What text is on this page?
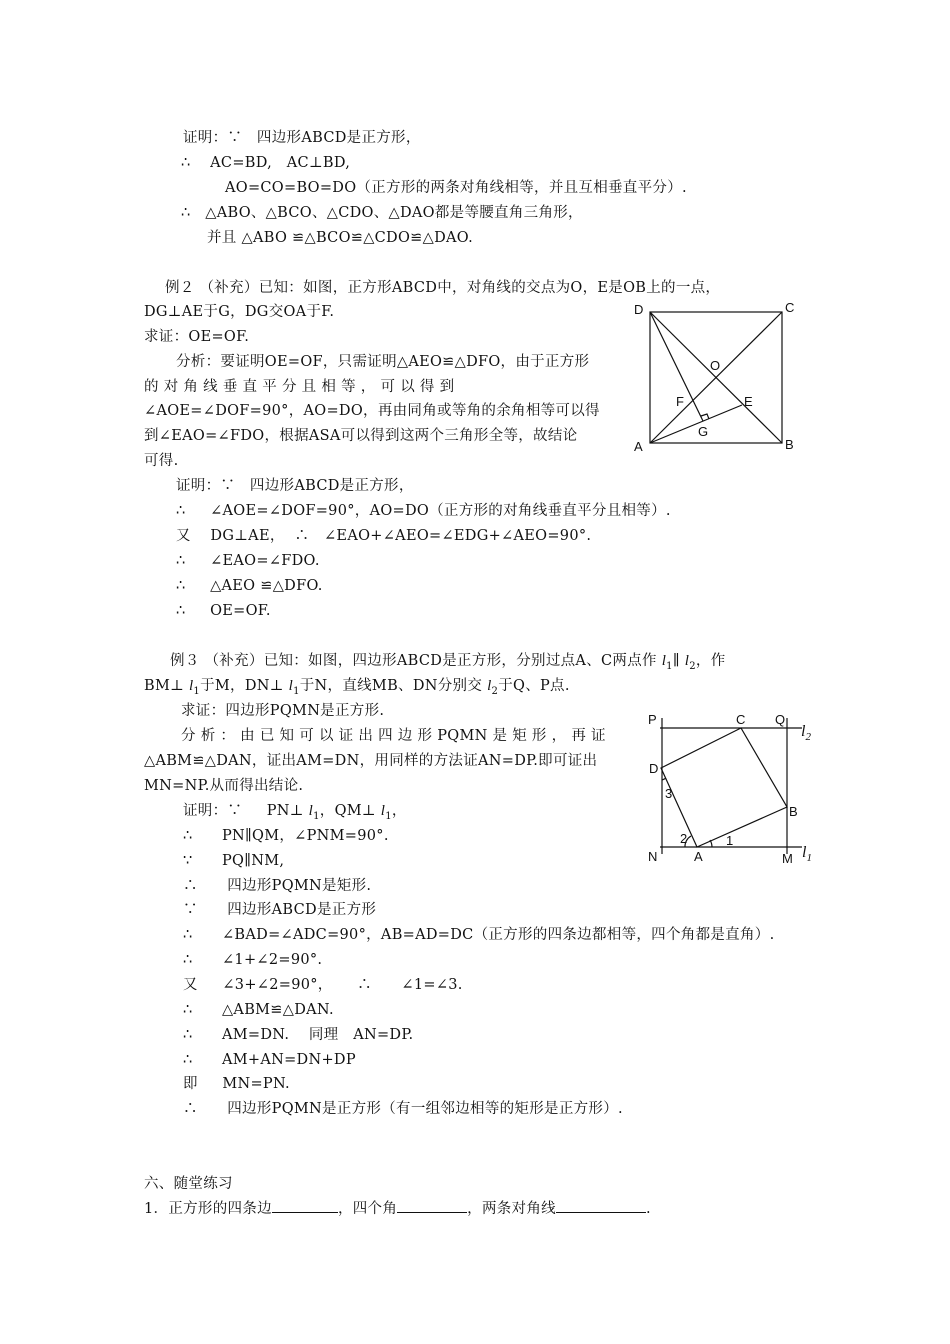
证明：∵   四边形ABCD是正方形，
∴    AC=BD,   AC⊥BD,
AO=CO=BO=DO（正方形的两条对角线相等，并且互相垂直平分）.
∴   △ABO、△BCO、△CDO、△DAO都是等腰直角三角形，
并且 △ABO ≌△BCO≌△CDO≌△DAO.
例２ （补充）已知：如图，正方形ABCD中，对角线的交点为O，E是OB上的一点，
DG⊥AE于G，DG交OA于F.
求证：OE=OF.
分析：要证明OE=OF，只需证明△AEO≌△DFO，由于正方形
的 对 角 线 垂 直 平 分 且 相 等 ， 可 以 得 到
∠AOE=∠DOF=90°，AO=DO，再由同角或等角的余角相等可以得
到∠EAO=∠FDO，根据ASA可以得到这两个三角形全等，故结论
可得.
证明：∵   四边形ABCD是正方形，
∴     ∠AOE=∠DOF=90°，AO=DO（正方形的对角线垂直平分且相等）.
又    DG⊥AE，  ∴   ∠EAO+∠AEO=∠EDG+∠AEO=90°.
∴     ∠EAO=∠FDO.
∴     △AEO ≌△DFO.
∴     OE=OF.
D	C
A	B
O
E
F
G
例３ （补充）已知：如图，四边形ABCD是正方形，分别过点A、C两点作 $l_1\parallel$ $l_2$，作
BM⊥ $l_1$于M，DN⊥ $l_1$于N，直线MB、DN分别交 $l_2$于Q、P点.
求证：四边形PQMN是正方形.
分 析 ： 由 已 知 可 以 证 出 四 边 形 PQMN 是 矩 形 ， 再 证
△ABM≌△DAN，证出AM=DN，用同样的方法证AN=DP.即可证出
MN=NP.从而得出结论.
证明：∵     PN⊥ $l_1$，QM⊥ $l_1$，
∴      PN∥QM，∠PNM=90°.
∵      PQ∥NM,
∴      四边形PQMN是矩形.
∵      四边形ABCD是正方形
∴      ∠BAD=∠ADC=90°，AB=AD=DC（正方形的四条边都相等，四个角都是直角）.
∴      ∠1+∠2=90°.
又     ∠3+∠2=90°，     ∴      ∠1=∠3.
∴      △ABM≌△DAN.
∴      AM=DN.    同理   AN=DP.
∴      AM+AN=DN+DP
即     MN=PN.
∴      四边形PQMN是正方形（有一组邻边相等的矩形是正方形）.
P	C Q
$l_2$
D
3
B
2	1
N	A	M $l_1$
六、随堂练习
1．正方形的四条边	，四个角	，两条对角线	.
